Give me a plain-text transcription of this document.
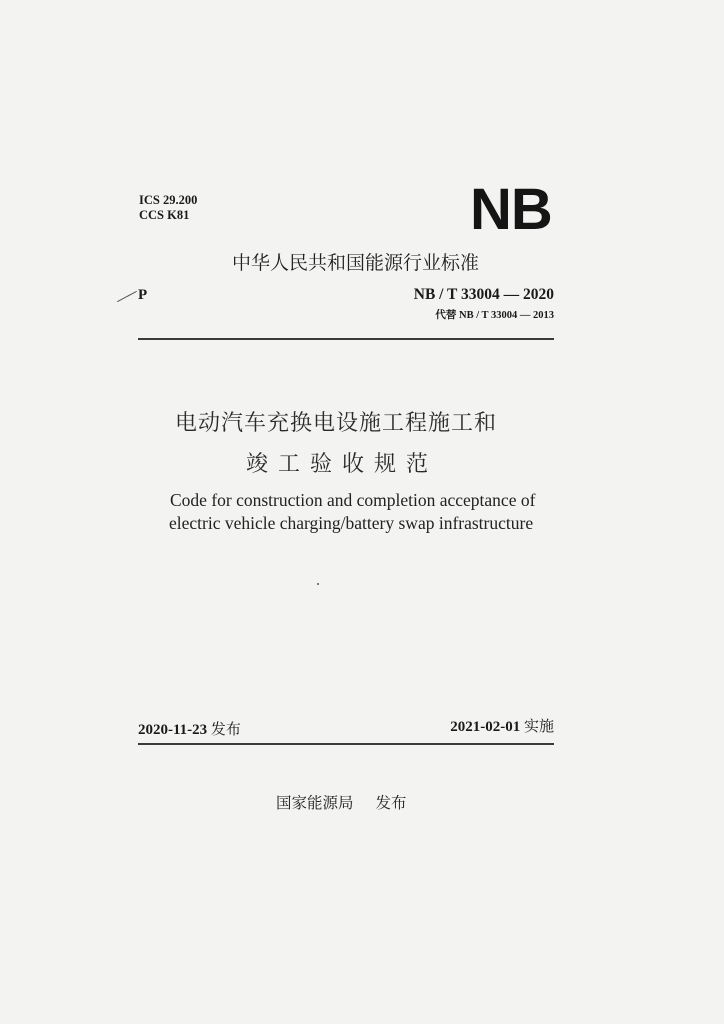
ICS 29.200
CCS K81	NB
中华人民共和国能源行业标准
P	NB / T 33004 — 2020
代替 NB / T 33004 — 2013
电动汽车充换电设施工程施工和
竣工验收规范
Code for construction and completion acceptance of
electric vehicle charging/battery swap infrastructure
2020-11-23 发布	2021-02-01 实施
国家能源局 发布
